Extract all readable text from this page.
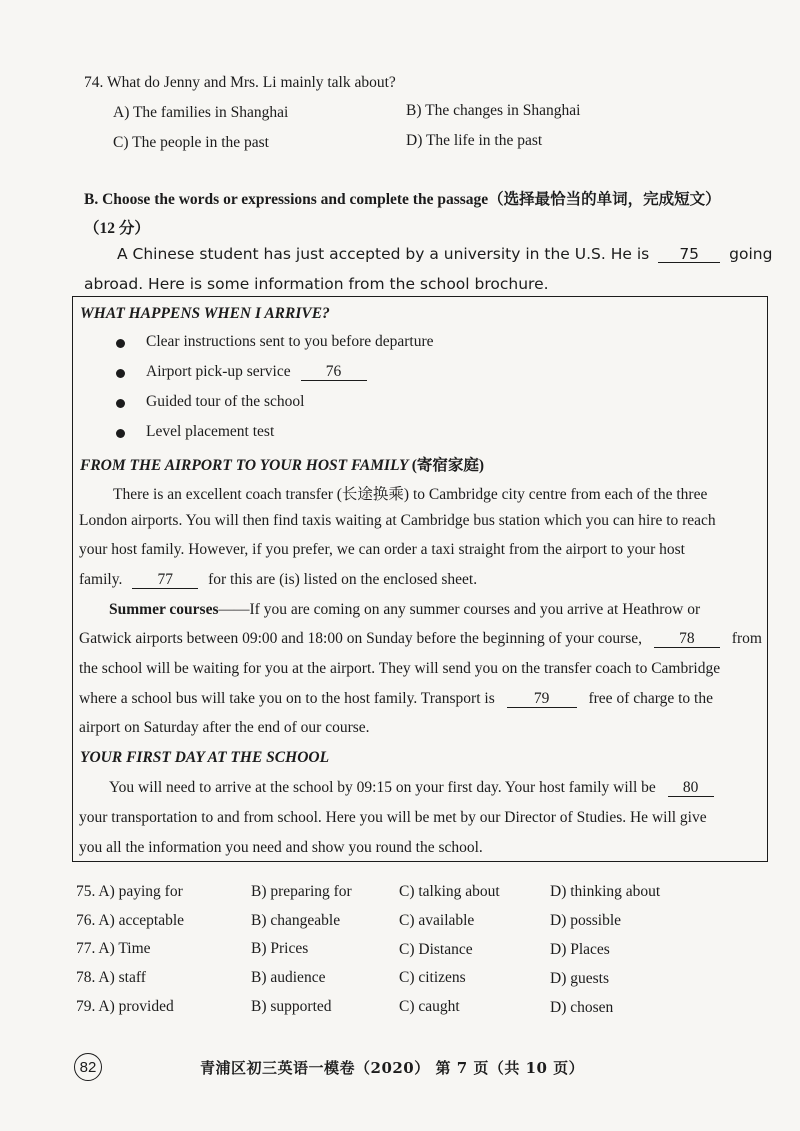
74. What do Jenny and Mrs. Li mainly talk about?
A) The families in Shanghai	B) The changes in Shanghai
C) The people in the past	D) The life in the past
B. Choose the words or expressions and complete the passage（选择最恰当的单词，完成短文）
（12 分）
A Chinese student has just accepted by a university in the U.S. He is 75 going
abroad. Here is some information from the school brochure.
WHAT HAPPENS WHEN I ARRIVE?
Clear instructions sent to you before departure
Airport pick-up service 76
Guided tour of the school
Level placement test
FROM THE AIRPORT TO YOUR HOST FAMILY (寄宿家庭)
There is an excellent coach transfer (长途换乘) to Cambridge city centre from each of the three
London airports. You will then find taxis waiting at Cambridge bus station which you can hire to reach
your host family. However, if you prefer, we can order a taxi straight from the airport to your host
family. 77 for this are (is) listed on the enclosed sheet.
Summer courses——If you are coming on any summer courses and you arrive at Heathrow or
Gatwick airports between 09:00 and 18:00 on Sunday before the beginning of your course, 78 from
the school will be waiting for you at the airport. They will send you on the transfer coach to Cambridge
where a school bus will take you on to the host family. Transport is	79	free of charge to the
airport on Saturday after the end of our course.
YOUR FIRST DAY AT THE SCHOOL
You will need to arrive at the school by 09:15 on your first day. Your host family will be 80
your transportation to and from school. Here you will be met by our Director of Studies. He will give
you all the information you need and show you round the school.
75. A) paying for	B) preparing for	C) talking about	D) thinking about
76. A) acceptable	B) changeable	C) available	D) possible
77. A) Time	B) Prices	C) Distance	D) Places
78. A) staff	B) audience	C) citizens	D) guests
79. A) provided	B) supported	C) caught	D) chosen
82	青浦区初三英语一模卷（2020） 第 7 页（共 10 页）
